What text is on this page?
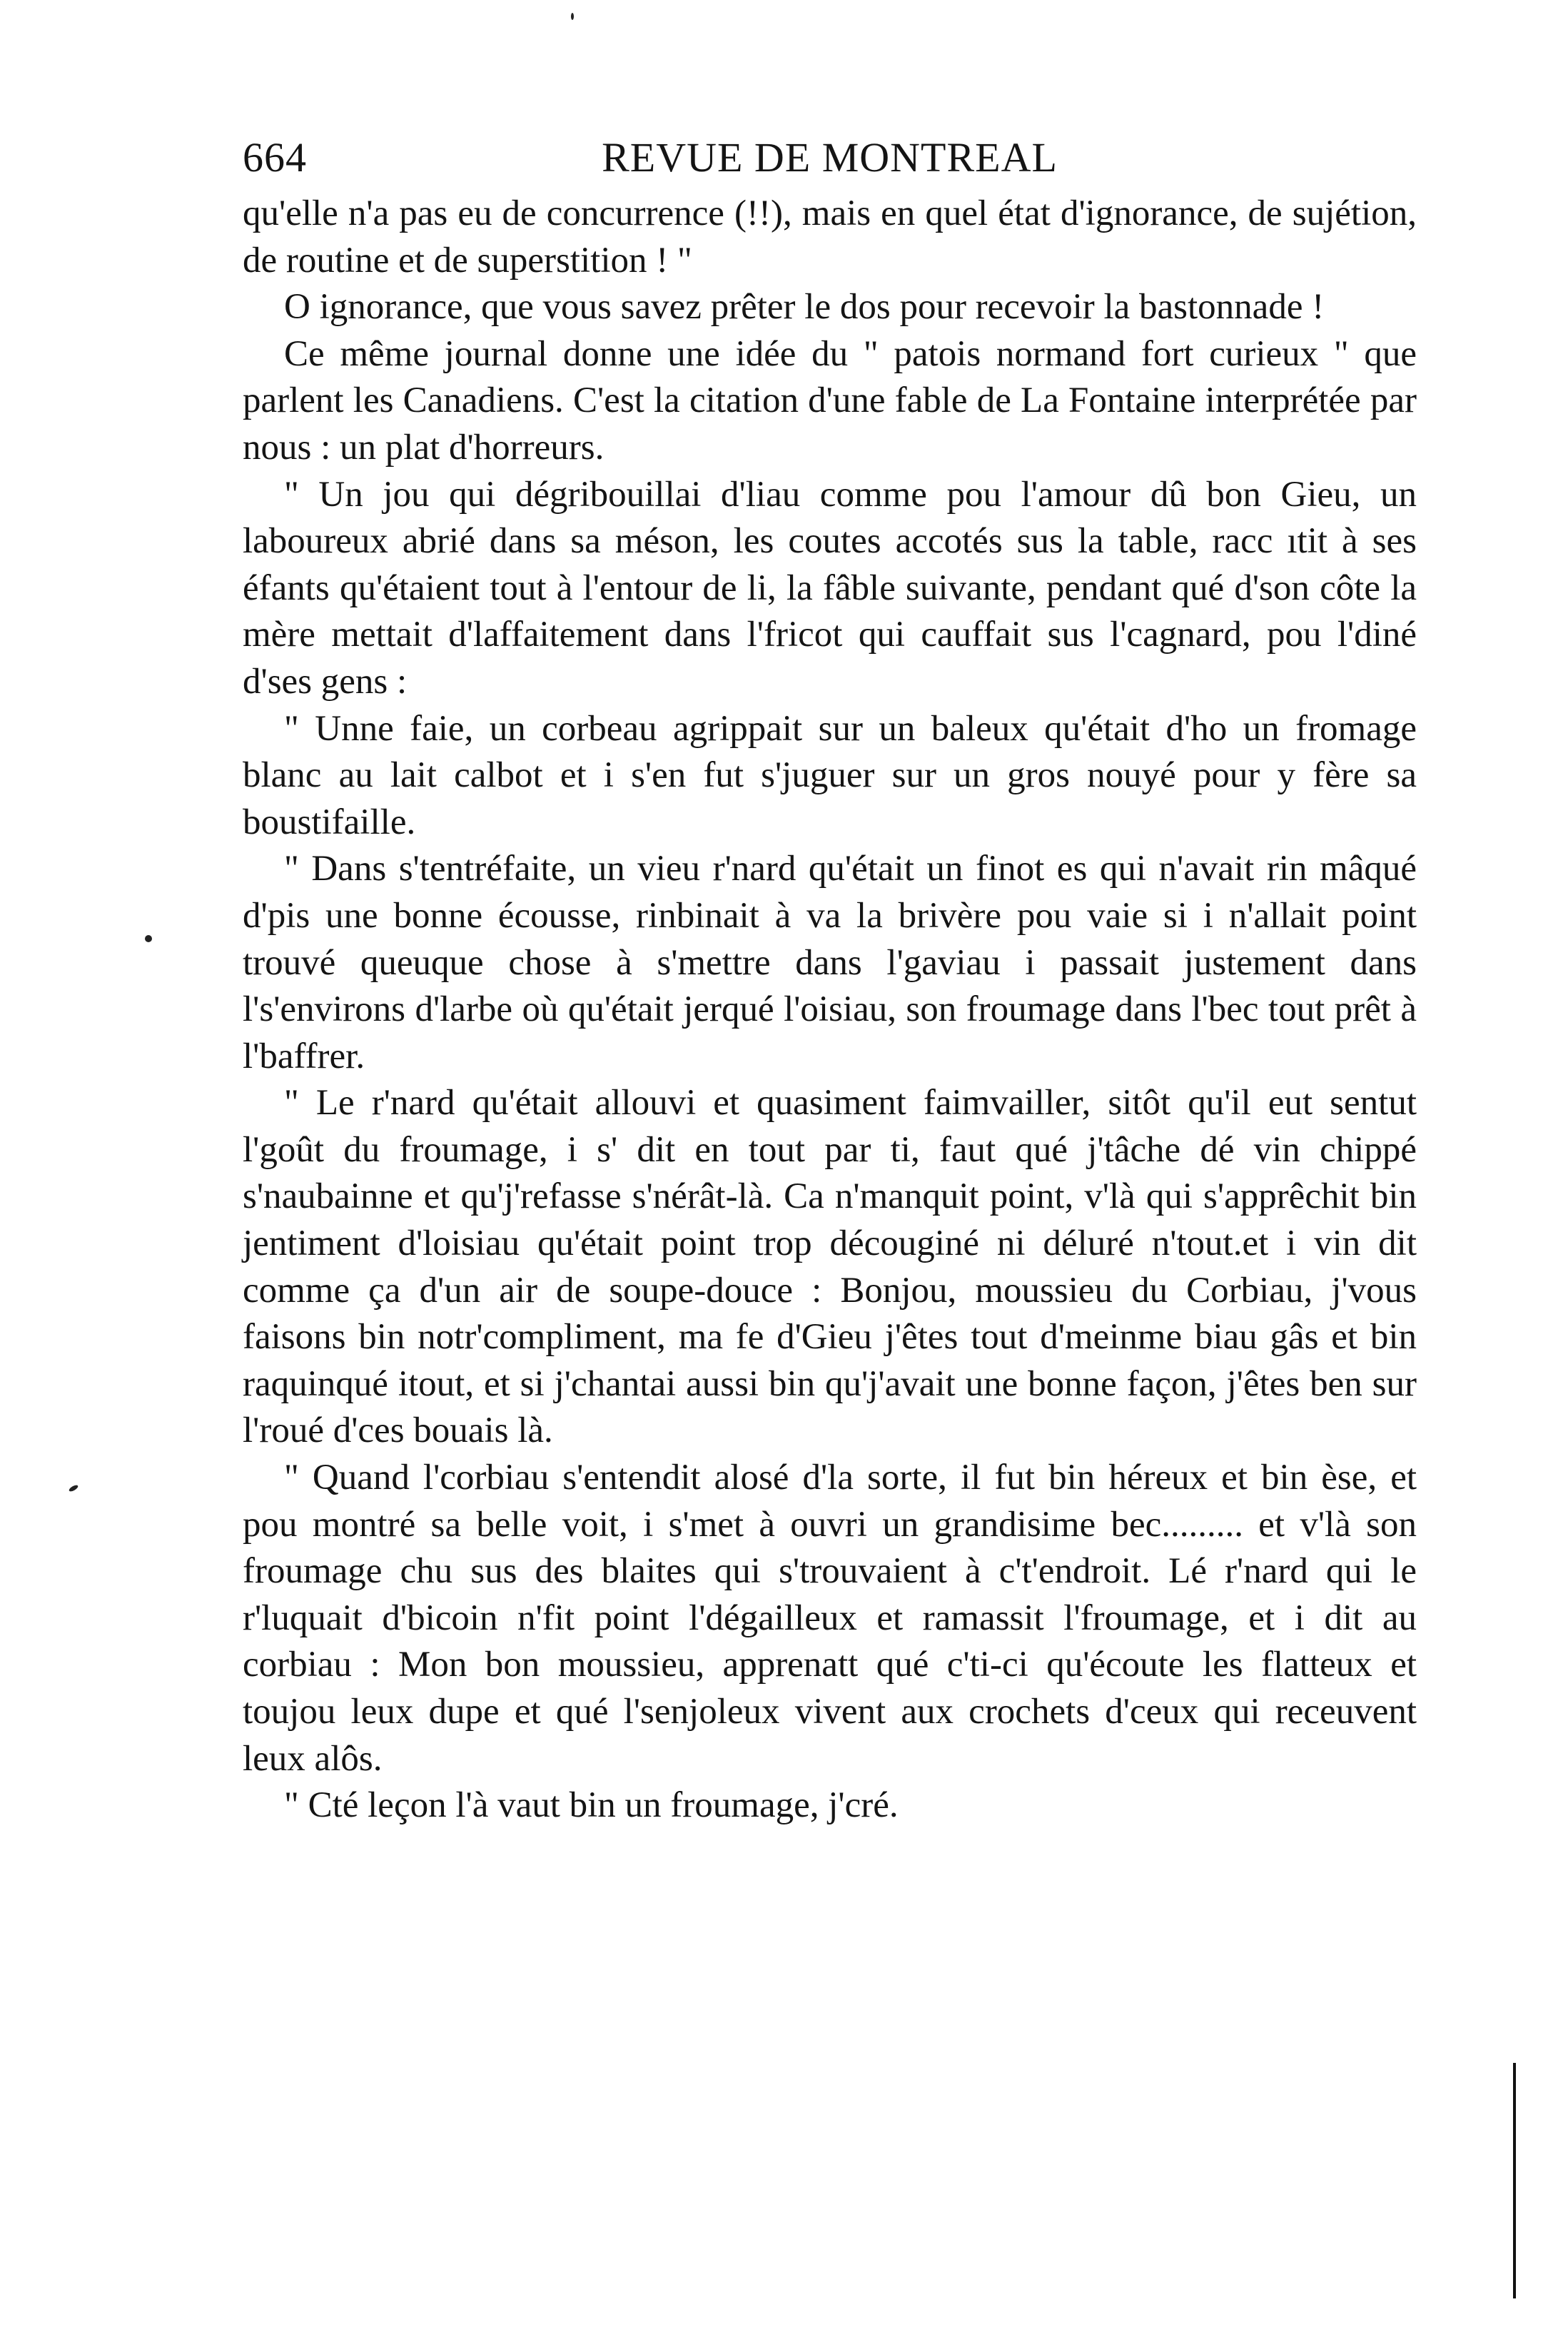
664	REVUE DE MONTREAL

qu'elle n'a pas eu de concurrence (!!), mais en quel état d'ignorance, de sujétion, de routine et de superstition ! "

O ignorance, que vous savez prêter le dos pour recevoir la bastonnade !

Ce même journal donne une idée du " patois normand fort curieux " que parlent les Canadiens. C'est la citation d'une fable de La Fontaine interprétée par nous : un plat d'horreurs.

" Un jou qui dégribouillai d'liau comme pou l'amour dû bon Gieu, un laboureux abrié dans sa méson, les coutes accotés sus la table, racc ıtit à ses éfants qu'étaient tout à l'entour de li, la fâble suivante, pendant qué d'son côte la mère mettait d'laffaitement dans l'fricot qui cauffait sus l'cagnard, pou l'diné d'ses gens :

" Unne faie, un corbeau agrippait sur un baleux qu'était d'ho un fromage blanc au lait calbot et i s'en fut s'juguer sur un gros nouyé pour y fère sa boustifaille.

" Dans s'tentréfaite, un vieu r'nard qu'était un finot es qui n'avait rin mâqué d'pis une bonne écousse, rinbinait à va la brivère pou vaie si i n'allait point trouvé queuque chose à s'mettre dans l'gaviau i passait justement dans l's'environs d'larbe où qu'était jerqué l'oisiau, son froumage dans l'bec tout prêt à l'baffrer.

" Le r'nard qu'était allouvi et quasiment faimvailler, sitôt qu'il eut sentut l'goût du froumage, i s' dit en tout par ti, faut qué j'tâche dé vin chippé s'naubainne et qu'j'refasse s'nérât-là. Ca n'manquit point, v'là qui s'apprêchit bin jentiment d'loisiau qu'était point trop découginé ni déluré n'tout.et i vin dit comme ça d'un air de soupe-douce : Bonjou, moussieu du Corbiau, j'vous faisons bin notr'compliment, ma fe d'Gieu j'êtes tout d'meinme biau gâs et bin raquinqué itout, et si j'chantai aussi bin qu'j'avait une bonne façon, j'êtes ben sur l'roué d'ces bouais là.

" Quand l'corbiau s'entendit alosé d'la sorte, il fut bin héreux et bin èse, et pou montré sa belle voit, i s'met à ouvri un grandisime bec......... et v'là son froumage chu sus des blaites qui s'trouvaient à c't'endroit. Lé r'nard qui le r'luquait d'bicoin n'fit point l'dégailleux et ramassit l'froumage, et i dit au corbiau : Mon bon moussieu, apprenatt qué c'ti-ci qu'écoute les flatteux et toujou leux dupe et qué l'senjoleux vivent aux crochets d'ceux qui receuvent leux alôs.

" Cté leçon l'à vaut bin un froumage, j'cré.
